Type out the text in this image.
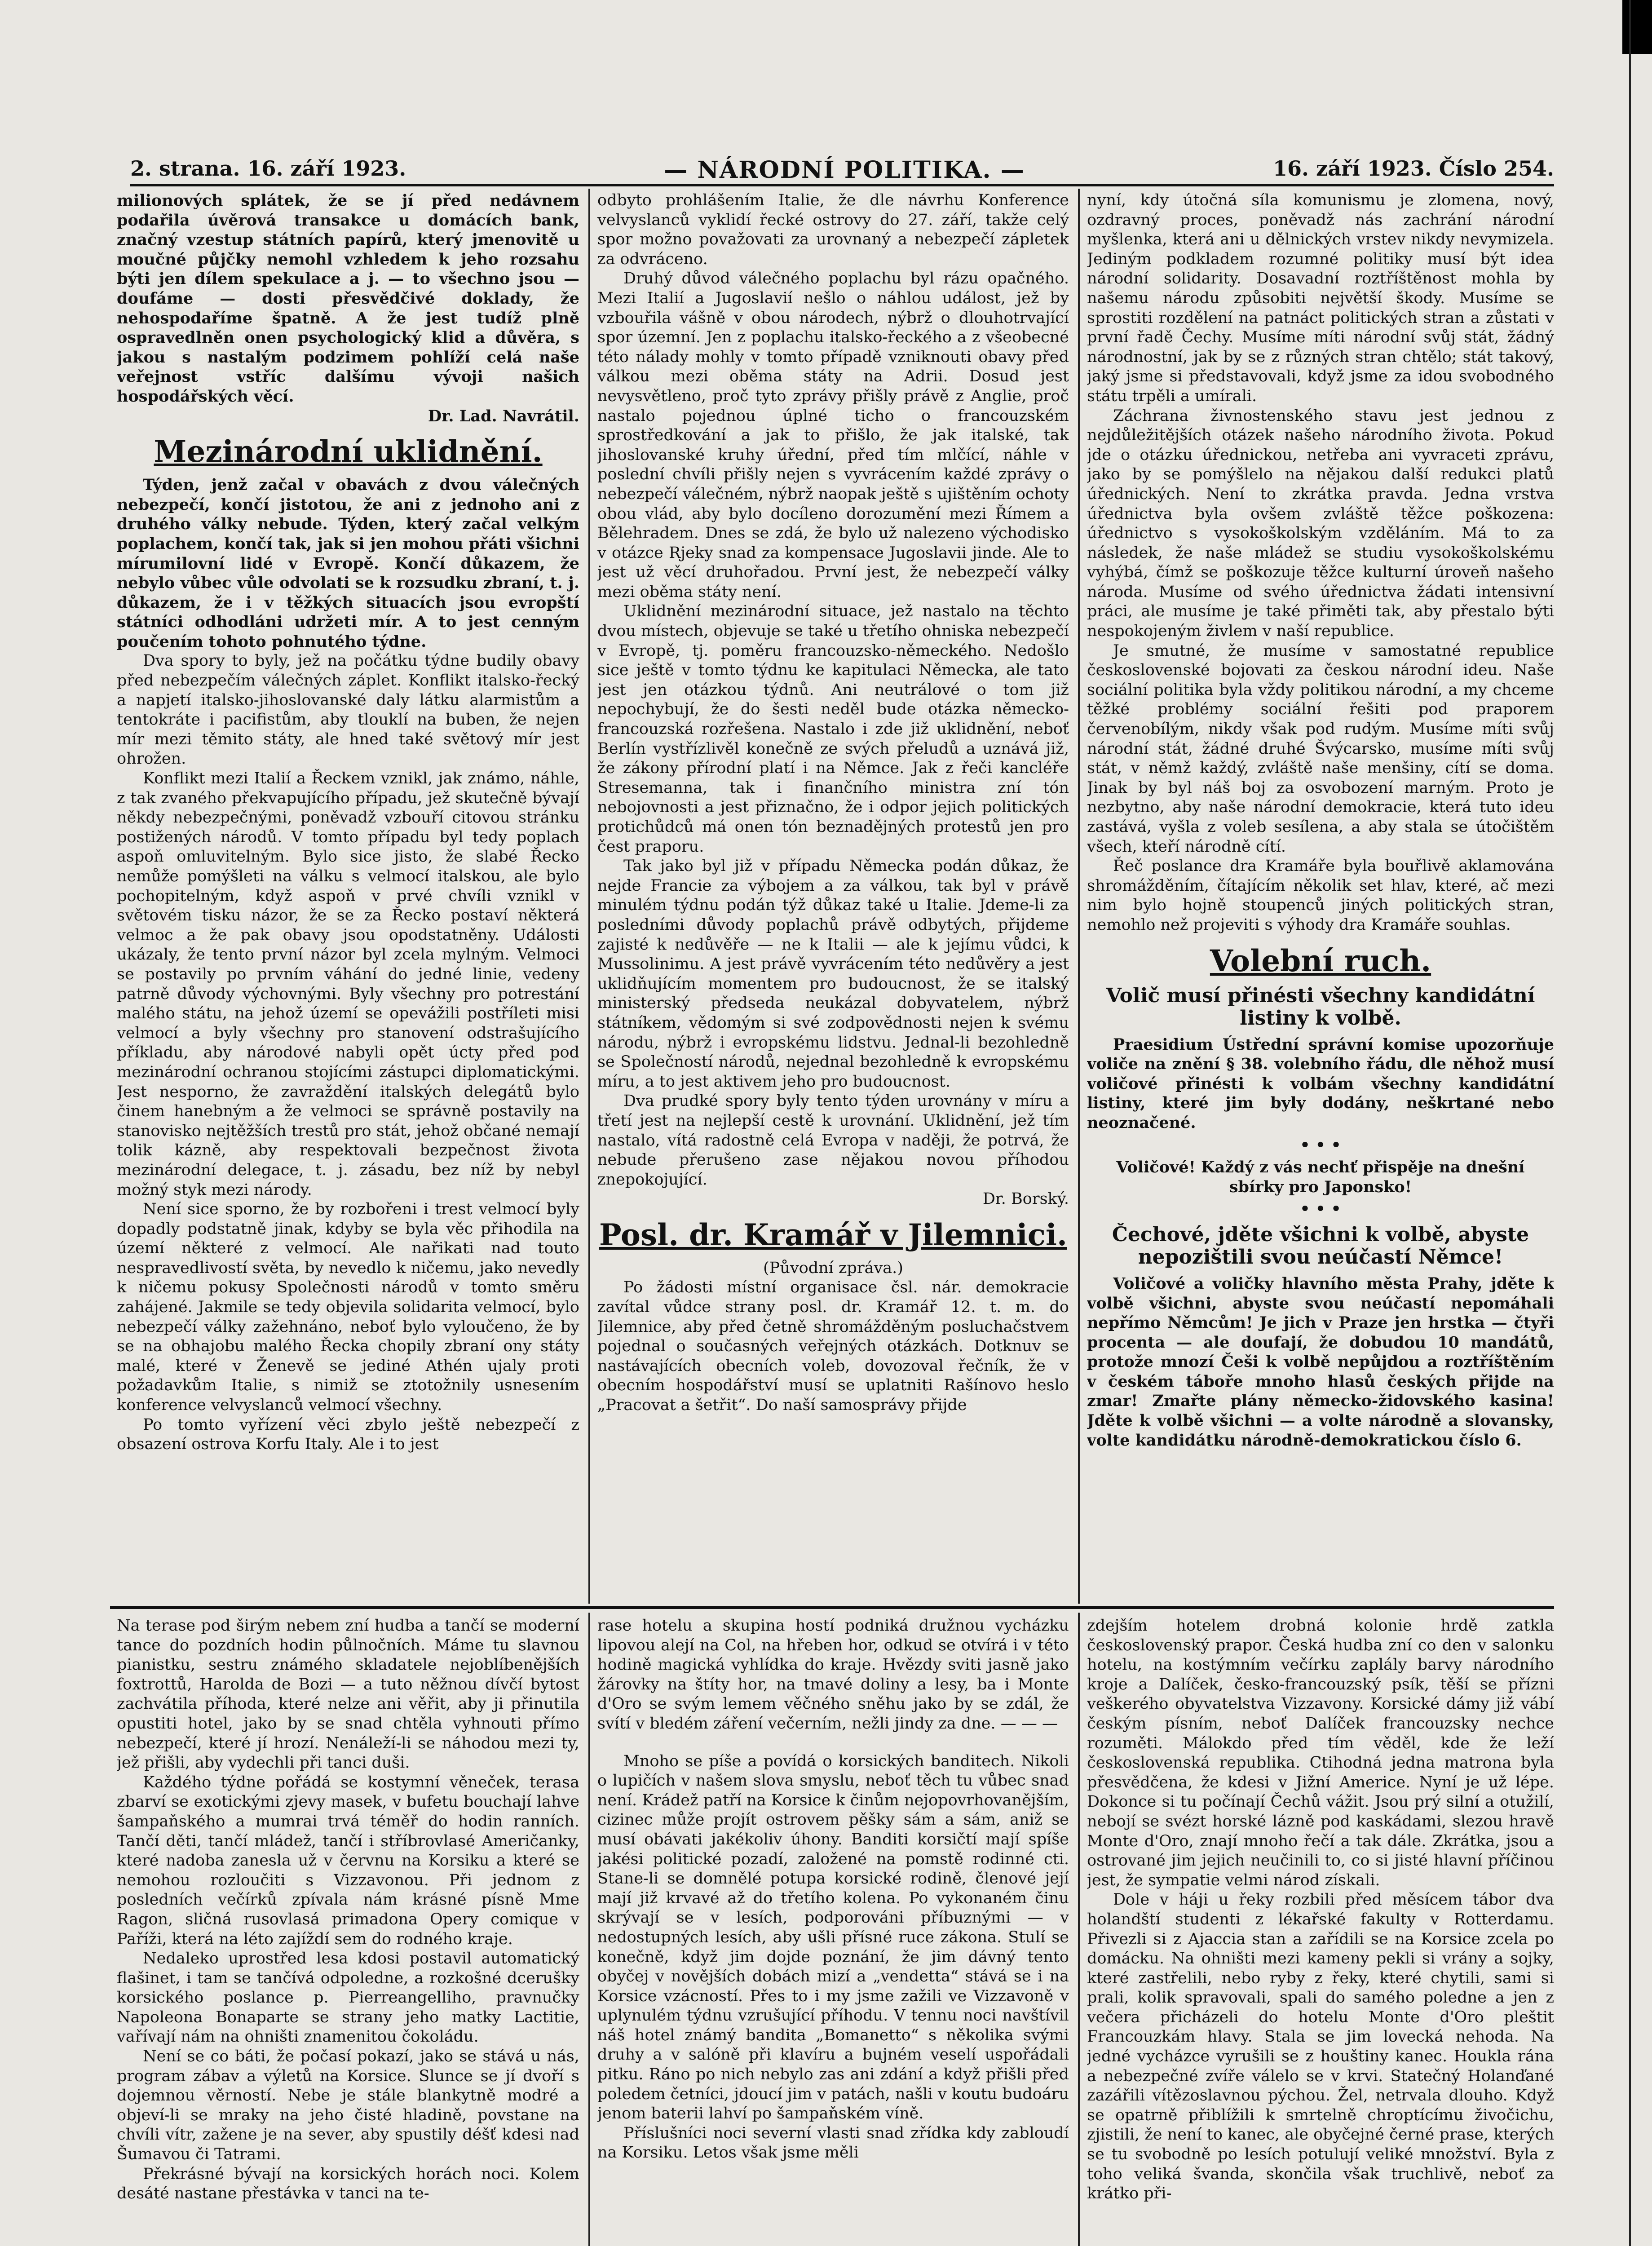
2. strana. 16. září 1923.	— NÁRODNÍ POLITIKA. —	16. září 1923. Číslo 254.

milionových splátek, že se jí před nedávnem podařila úvěrová transakce u domácích bank, značný vzestup státních papírů, který jmenovitě u moučné půjčky nemohl vzhledem k jeho rozsahu býti jen dílem spekulace a j. — to všechno jsou — doufáme — dosti přesvědčivé doklady, že nehospodaříme špatně. A že jest tudíž plně ospravedlněn onen psychologický klid a důvěra, s jakou s nastalým podzimem pohlíží celá naše veřejnost vstříc dalšímu vývoji našich hospodářských věcí.

Dr. Lad. Navrátil.

Mezinárodní uklidnění.

Týden, jenž začal v obavách z dvou válečných nebezpečí, končí jistotou, že ani z jednoho ani z druhého války nebude. Týden, který začal velkým poplachem, končí tak, jak si jen mohou přáti všichni mírumilovní lidé v Evropě. Končí důkazem, že nebylo vůbec vůle odvolati se k rozsudku zbraní, t. j. důkazem, že i v těžkých situacích jsou evropští státníci odhodláni udržeti mír. A to jest cenným poučením tohoto pohnutého týdne.

Dva spory to byly, jež na počátku týdne budily obavy před nebezpečím válečných záplet. Konflikt italsko-řecký a napjetí italsko-jihoslovanské daly látku alarmistům a tentokráte i pacifistům, aby tlouklí na buben, že nejen mír mezi těmito státy, ale hned také světový mír jest ohrožen.

Konflikt mezi Italií a Řeckem vznikl, jak známo, náhle, z tak zvaného překvapujícího případu, jež skutečně bývají někdy nebezpečnými, poněvadž vzbouří citovou stránku postižených národů. V tomto případu byl tedy poplach aspoň omluvitelným. Bylo sice jisto, že slabé Řecko nemůže pomýšleti na válku s velmocí italskou, ale bylo pochopitelným, když aspoň v prvé chvíli vznikl v světovém tisku názor, že se za Řecko postaví některá velmoc a že pak obavy jsou opodstatněny. Události ukázaly, že tento první názor byl zcela mylným. Velmoci se postavily po prvním váhání do jedné linie, vedeny patrně důvody výchovnými. Byly všechny pro potrestání malého státu, na jehož území se opevážili postříleti misi velmocí a byly všechny pro stanovení odstrašujícího příkladu, aby národové nabyli opět úcty před pod mezinárodní ochranou stojícími zástupci diplomatickými. Jest nesporno, že zavraždění italských delegátů bylo činem hanebným a že velmoci se správně postavily na stanovisko nejtěžších trestů pro stát, jehož občané nemají tolik kázně, aby respektovali bezpečnost života mezinárodní delegace, t. j. zásadu, bez níž by nebyl možný styk mezi národy.

Není sice sporno, že by rozbořeni i trest velmocí byly dopadly podstatně jinak, kdyby se byla věc přihodila na území některé z velmocí. Ale nařikati nad touto nespravedlivostí světa, by nevedlo k ničemu, jako nevedly k ničemu pokusy Společnosti národů v tomto směru zahájené. Jakmile se tedy objevila solidarita velmocí, bylo nebezpečí války zažehnáno, neboť bylo vyloučeno, že by se na obhajobu malého Řecka chopily zbraní ony státy malé, které v Ženevě se jediné Athén ujaly proti požadavkům Italie, s nimiž se ztotožnily usnesením konference velvyslanců velmocí všechny.

Po tomto vyřízení věci zbylo ještě nebezpečí z obsazení ostrova Korfu Italy. Ale i to jest

odbyto prohlášením Italie, že dle návrhu Konference velvyslanců vyklidí řecké ostrovy do 27. září, takže celý spor možno považovati za urovnaný a nebezpečí zápletek za odvráceno.

Druhý důvod válečného poplachu byl rázu opačného. Mezi Italií a Jugoslavií nešlo o náhlou událost, jež by vzbouřila vášně v obou národech, nýbrž o dlouhotrvající spor územní. Jen z poplachu italsko-řeckého a z všeobecné této nálady mohly v tomto případě vzniknouti obavy před válkou mezi oběma státy na Adrii. Dosud jest nevysvětleno, proč tyto zprávy přišly právě z Anglie, proč nastalo pojednou úplné ticho o francouzském sprostředkování a jak to přišlo, že jak italské, tak jihoslovanské kruhy úřední, před tím mlčící, náhle v poslední chvíli přišly nejen s vyvrácením každé zprávy o nebezpečí válečném, nýbrž naopak ještě s ujištěním ochoty obou vlád, aby bylo docíleno dorozumění mezi Římem a Bělehradem. Dnes se zdá, že bylo už nalezeno východisko v otázce Rjeky snad za kompensace Jugoslavii jinde. Ale to jest už věcí druhořadou. První jest, že nebezpečí války mezi oběma státy není.

Uklidnění mezinárodní situace, jež nastalo na těchto dvou místech, objevuje se také u třetího ohniska nebezpečí v Evropě, tj. poměru francouzsko-německého. Nedošlo sice ještě v tomto týdnu ke kapitulaci Německa, ale tato jest jen otázkou týdnů. Ani neutrálové o tom již nepochybují, že do šesti neděl bude otázka německo-francouzská rozřešena. Nastalo i zde již uklidnění, neboť Berlín vystřízlivěl konečně ze svých přeludů a uznává již, že zákony přírodní platí i na Němce. Jak z řeči kancléře Stresemanna, tak i finančního ministra zní tón nebojovnosti a jest přiznačno, že i odpor jejich politických protichůdců má onen tón beznadějných protestů jen pro čest praporu.

Tak jako byl již v případu Německa podán důkaz, že nejde Francie za výbojem a za válkou, tak byl v právě minulém týdnu podán týž důkaz také u Italie. Jdeme-li za posledními důvody poplachů právě odbytých, přijdeme zajisté k nedůvěře — ne k Italii — ale k jejímu vůdci, k Mussolinimu. A jest právě vyvrácením této nedůvěry a jest uklidňujícím momentem pro budoucnost, že se italský ministerský předseda neukázal dobyvatelem, nýbrž státníkem, vědomým si své zodpovědnosti nejen k svému národu, nýbrž i evropskému lidstvu. Jednal-li bezohledně se Společností národů, nejednal bezohledně k evropskému míru, a to jest aktivem jeho pro budoucnost.

Dva prudké spory byly tento týden urovnány v míru a třetí jest na nejlepší cestě k urovnání. Uklidnění, jež tím nastalo, vítá radostně celá Evropa v naději, že potrvá, že nebude přerušeno zase nějakou novou příhodou znepokojující.

Dr. Borský.

Posl. dr. Kramář v Jilemnici.

(Původní zpráva.)

Po žádosti místní organisace čsl. nár. demokracie zavítal vůdce strany posl. dr. Kramář 12. t. m. do Jilemnice, aby před četně shromážděným posluchačstvem pojednal o současných veřejných otázkách. Dotknuv se nastávajících obecních voleb, dovozoval řečník, že v obecním hospodářství musí se uplatniti Rašínovo heslo „Pracovat a šetřit“. Do naší samosprávy přijde

nyní, kdy útočná síla komunismu je zlomena, nový, ozdravný proces, poněvadž nás zachrání národní myšlenka, která ani u dělnických vrstev nikdy nevymizela. Jediným podkladem rozumné politiky musí být idea národní solidarity. Dosavadní roztříštěnost mohla by našemu národu způsobiti největší škody. Musíme se sprostiti rozdělení na patnáct politických stran a zůstati v první řadě Čechy. Musíme míti národní svůj stát, žádný národnostní, jak by se z různých stran chtělo; stát takový, jaký jsme si představovali, když jsme za idou svobodného státu trpěli a umírali.

Záchrana živnostenského stavu jest jednou z nejdůležitějších otázek našeho národního života. Pokud jde o otázku úřednickou, netřeba ani vyvraceti zprávu, jako by se pomýšlelo na nějakou další redukci platů úřednických. Není to zkrátka pravda. Jedna vrstva úřednictva byla ovšem zvláště těžce poškozena: úřednictvo s vysokoškolským vzděláním. Má to za následek, že naše mládež se studiu vysokoškolskému vyhýbá, čímž se poškozuje těžce kulturní úroveň našeho národa. Musíme od svého úřednictva žádati intensivní práci, ale musíme je také přiměti tak, aby přestalo býti nespokojeným živlem v naší republice.

Je smutné, že musíme v samostatné republice československé bojovati za českou národní ideu. Naše sociální politika byla vždy politikou národní, a my chceme těžké problémy sociální řešiti pod praporem červenobílým, nikdy však pod rudým. Musíme míti svůj národní stát, žádné druhé Švýcarsko, musíme míti svůj stát, v němž každý, zvláště naše menšiny, cítí se doma. Jinak by byl náš boj za osvobození marným. Proto je nezbytno, aby naše národní demokracie, která tuto ideu zastává, vyšla z voleb sesílena, a aby stala se útočištěm všech, kteří národně cítí.

Řeč poslance dra Kramáře byla bouřlivě aklamována shromážděním, čítajícím několik set hlav, které, ač mezi nim bylo hojně stoupenců jiných politických stran, nemohlo než projeviti s výhody dra Kramáře souhlas.

Volební ruch.
Volič musí přinésti všechny kandidátní listiny k volbě.

Praesidium Ústřední správní komise upozorňuje voliče na znění § 38. volebního řádu, dle něhož musí voličové přinésti k volbám všechny kandidátní listiny, které jim byly dodány, neškrtané nebo neoznačené.

• • •

Voličové! Každý z vás nechť přispěje na dnešní sbírky pro Japonsko!

• • •

Čechové, jděte všichni k volbě, abyste nepozištili svou neúčastí Němce!

Voličové a voličky hlavního města Prahy, jděte k volbě všichni, abyste svou neúčastí nepomáhali nepřímo Němcům! Je jich v Praze jen hrstka — čtyři procenta — ale doufají, že dobudou 10 mandátů, protože mnozí Češi k volbě nepůjdou a roztříštěním v českém táboře mnoho hlasů českých přijde na zmar! Zmařte plány německo-židovského kasina! Jděte k volbě všichni — a volte národně a slovansky, volte kandidátku národně-demokratickou číslo 6.

Na terase pod širým nebem zní hudba a tančí se moderní tance do pozdních hodin půlnočních. Máme tu slavnou pianistku, sestru známého skladatele nejoblíbenějších foxtrottů, Harolda de Bozi — a tuto něžnou dívčí bytost zachvátila příhoda, které nelze ani věřit, aby ji přinutila opustiti hotel, jako by se snad chtěla vyhnouti přímo nebezpečí, které jí hrozí. Nenáleží-li se náhodou mezi ty, jež přišli, aby vydechli při tanci duši.

Každého týdne pořádá se kostymní věneček, terasa zbarví se exotickými zjevy masek, v bufetu bouchají lahve šampaňského a mumrai trvá téměř do hodin ranních. Tančí děti, tančí mládež, tančí i stříbrovlasé Američanky, které nadoba zanesla už v červnu na Korsiku a které se nemohou rozloučiti s Vizzavonou. Při jednom z posledních večírků zpívala nám krásné písně Mme Ragon, sličná rusovlasá primadona Opery comique v Paříži, která na léto zajíždí sem do rodného kraje.

Nedaleko uprostřed lesa kdosi postavil automatický flašinet, i tam se tančívá odpoledne, a rozkošné dcerušky korsického poslance p. Pierreangelliho, pravnučky Napoleona Bonaparte se strany jeho matky Lactitie, vařívají nám na ohništi znamenitou čokoládu.

Není se co báti, že počasí pokazí, jako se stává u nás, program zábav a výletů na Korsice. Slunce se jí dvoří s dojemnou věrností. Nebe je stále blankytně modré a objeví-li se mraky na jeho čisté hladině, povstane na chvíli vítr, zažene je na sever, aby spustily déšť kdesi nad Šumavou či Tatrami.

Překrásné bývají na korsických horách noci. Kolem desáté nastane přestávka v tanci na te-

rase hotelu a skupina hostí podniká družnou vycházku lipovou alejí na Col, na hřeben hor, odkud se otvírá i v této hodině magická vyhlídka do kraje. Hvězdy sviti jasně jako žárovky na štíty hor, na tmavé doliny a lesy, ba i Monte d'Oro se svým lemem věčného sněhu jako by se zdál, že svítí v bledém záření večerním, nežli jindy za dne. — — —

Mnoho se píše a povídá o korsických banditech. Nikoli o lupičích v našem slova smyslu, neboť těch tu vůbec snad není. Krádež patří na Korsice k činům nejopovrhovanějším, cizinec může projít ostrovem pěšky sám a sám, aniž se musí obávati jakékoliv úhony. Banditi korsičtí mají spíše jakési politické pozadí, založené na pomstě rodinné cti. Stane-li se domnělé potupa korsické rodině, členové její mají již krvavé až do třetího kolena. Po vykonaném činu skrývají se v lesích, podporováni příbuznými — v nedostupných lesích, aby ušli přísné ruce zákona. Stulí se konečně, když jim dojde poznání, že jim dávný tento obyčej v novějších dobách mizí a „vendetta“ stává se i na Korsice vzácností. Přes to i my jsme zažili ve Vizzavoně v uplynulém týdnu vzrušující příhodu. V tennu noci navštívil náš hotel známý bandita „Bomanetto“ s několika svými druhy a v salóně při klavíru a bujném veselí uspořádali pitku. Ráno po nich nebylo zas ani zdání a když přišli před poledem četníci, jdoucí jim v patách, našli v koutu budoáru jenom baterii lahví po šampaňském víně.

Příslušníci noci severní vlasti snad zřídka kdy zabloudí na Korsiku. Letos však jsme měli

zdejším hotelem drobná kolonie hrdě zatkla československý prapor. Česká hudba zní co den v salonku hotelu, na kostýmním večírku zaplály barvy národního kroje a Dalíček, česko-francouzský psík, těší se přízni veškerého obyvatelstva Vizzavony. Korsické dámy již vábí českým písním, neboť Dalíček francouzsky nechce rozuměti. Málokdo před tím věděl, kde že leží československá republika. Ctihodná jedna matrona byla přesvědčena, že kdesi v Jižní Americe. Nyní je už lépe. Dokonce si tu počínají Čechů vážit. Jsou prý silní a otužilí, nebojí se svézt horské lázně pod kaskádami, slezou hravě Monte d'Oro, znají mnoho řečí a tak dále. Zkrátka, jsou a ostrované jim jejich neučinili to, co si jisté hlavní příčinou jest, že sympatie velmi národ získali.

Dole v háji u řeky rozbili před měsícem tábor dva holandští studenti z lékařské fakulty v Rotterdamu. Přivezli si z Ajaccia stan a zařídili se na Korsice zcela po domácku. Na ohništi mezi kameny pekli si vrány a sojky, které zastřelili, nebo ryby z řeky, které chytili, sami si prali, kolik spravovali, spali do samého poledne a jen z večera přicházeli do hotelu Monte d'Oro pleštit Francouzkám hlavy. Stala se jim lovecká nehoda. Na jedné vycházce vyrušili se z houštiny kanec. Houkla rána a nebezpečné zvíře válelo se v krvi. Statečný Holanďané zazářili vítězoslavnou pýchou. Žel, netrvala dlouho. Když se opatrně přiblížili k smrtelně chroptícímu živočichu, zjistili, že není to kanec, ale obyčejné černé prase, kterých se tu svobodně po lesích potulují veliké množství. Byla z toho veliká švanda, skončila však truchlivě, neboť za krátko při-
